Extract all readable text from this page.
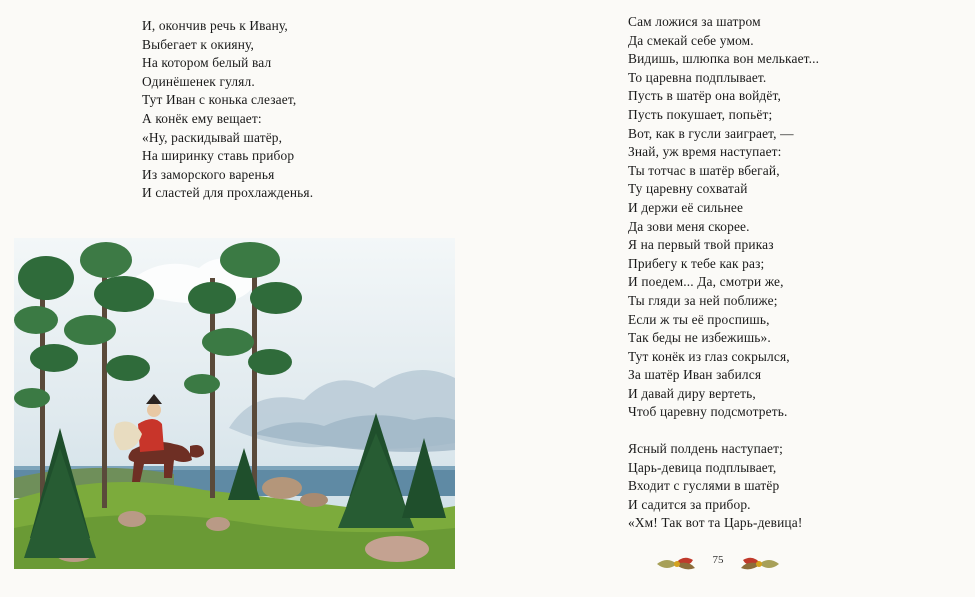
И, окончив речь к Ивану,
Выбегает к окияну,
На котором белый вал
Одинёшенек гулял.
Тут Иван с конька слезает,
А конёк ему вещает:
«Ну, раскидывай шатёр,
На ширинку ставь прибор
Из заморского варенья
И сластей для прохлажденья.
Сам ложися за шатром
Да смекай себе умом.
Видишь, шлюпка вон мелькает...
То царевна подплывает.
Пусть в шатёр она войдёт,
Пусть покушает, попьёт;
Вот, как в гусли заиграет, —
Знай, уж время наступает:
Ты тотчас в шатёр вбегай,
Ту царевну сохватай
И держи её сильнее
Да зови меня скорее.
Я на первый твой приказ
Прибегу к тебе как раз;
И поедем... Да, смотри же,
Ты гляди за ней поближе;
Если ж ты её проспишь,
Так беды не избежишь».
Тут конёк из глаз сокрылся,
За шатёр Иван забился
И давай диру вертеть,
Чтоб царевну подсмотреть.
Ясный полдень наступает;
Царь-девица подплывает,
Входит с гуслями в шатёр
И садится за прибор.
«Хм! Так вот та Царь-девица!
75
